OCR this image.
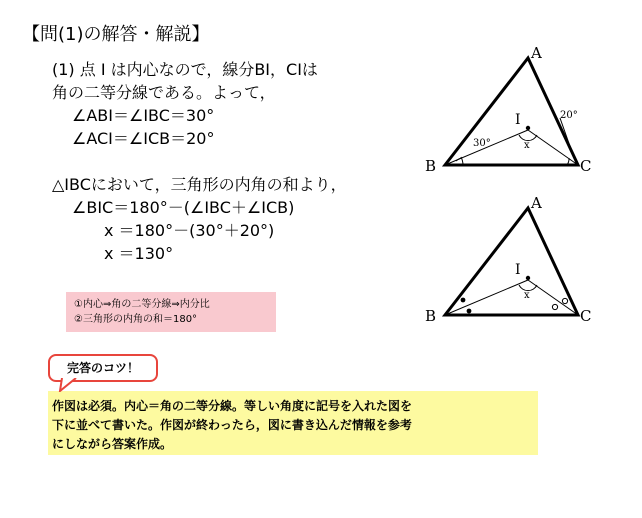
【問(1)の解答・解説】
(1) 点 I は内心なので，線分BI，CIは
角の二等分線である。よって，
∠ABI＝∠IBC＝30°
∠ACI＝∠ICB＝20°
△IBCにおいて，三角形の内角の和より，
∠BIC＝180°－(∠IBC＋∠ICB)
x ＝180°－(30°＋20°)
x ＝130°
①内心⇒角の二等分線⇒内分比
②三角形の内角の和＝180°
作図は必須。内心＝角の二等分線。等しい角度に記号を入れた図を
下に並べて書いた。作図が終わったら，図に書き込んだ情報を参考
にしながら答案作成。
完答のコツ！
A
B	C
I
30°
20°
x
A
B	C
I
x
